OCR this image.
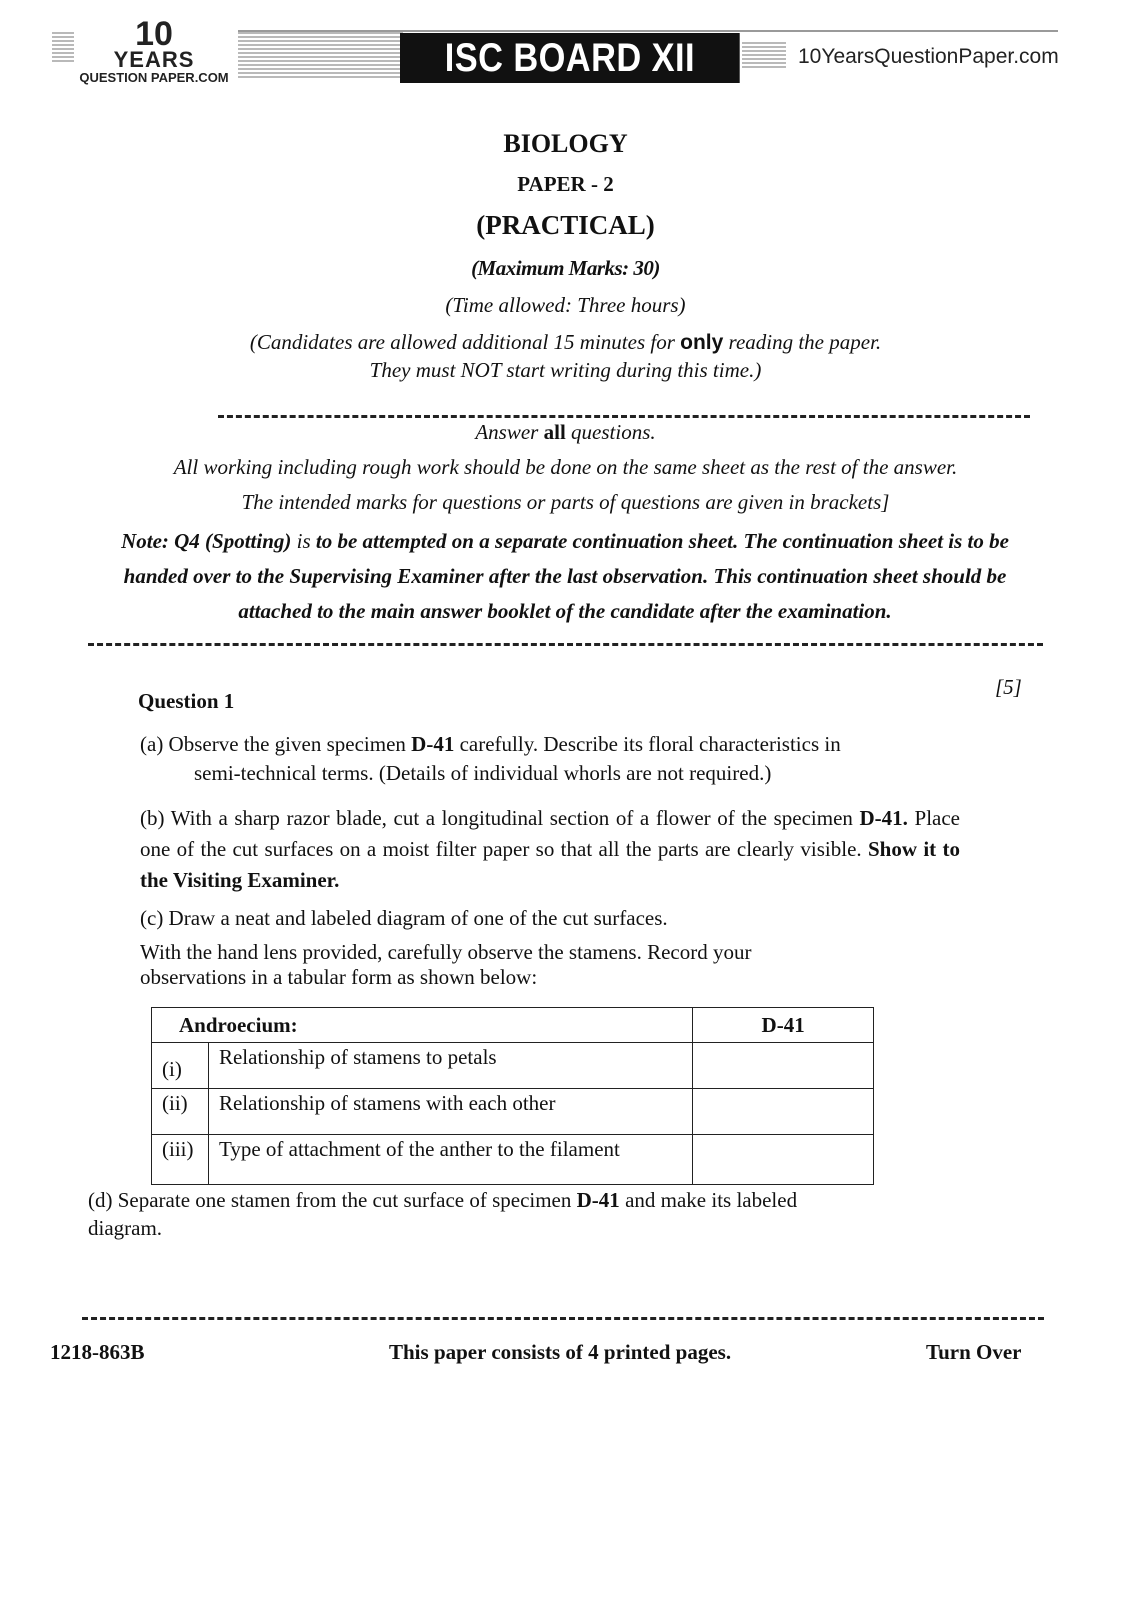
10
YEARS
QUESTION PAPER.COM	ISC BOARD XII	10YearsQuestionPaper.com
BIOLOGY
PAPER - 2
(PRACTICAL)
(Maximum Marks: 30)
(Time allowed: Three hours)
(Candidates are allowed additional 15 minutes for only reading the paper.
They must NOT start writing during this time.)
Answer all questions.
All working including rough work should be done on the same sheet as the rest of the answer.
The intended marks for questions or parts of questions are given in brackets]
Note: Q4 (Spotting) is to be attempted on a separate continuation sheet. The continuation sheet is to be handed over to the Supervising Examiner after the last observation. This continuation sheet should be attached to the main answer booklet of the candidate after the examination.
Question 1
[5]
(a) Observe the given specimen D-41 carefully. Describe its floral characteristics in
semi-technical terms. (Details of individual whorls are not required.)
(b) With a sharp razor blade, cut a longitudinal section of a flower of the specimen D-41. Place one of the cut surfaces on a moist filter paper so that all the parts are clearly visible. Show it to the Visiting Examiner.
(c) Draw a neat and labeled diagram of one of the cut surfaces.
With the hand lens provided, carefully observe the stamens. Record your observations in a tabular form as shown below:
Androecium:		D-41
(i)	Relationship of stamens to petals	
(ii)	Relationship of stamens with each other	
(iii)	Type of attachment of the anther to the filament	
(d) Separate one stamen from the cut surface of specimen D-41 and make its labeled diagram.
1218-863B	This paper consists of 4 printed pages.	Turn Over
